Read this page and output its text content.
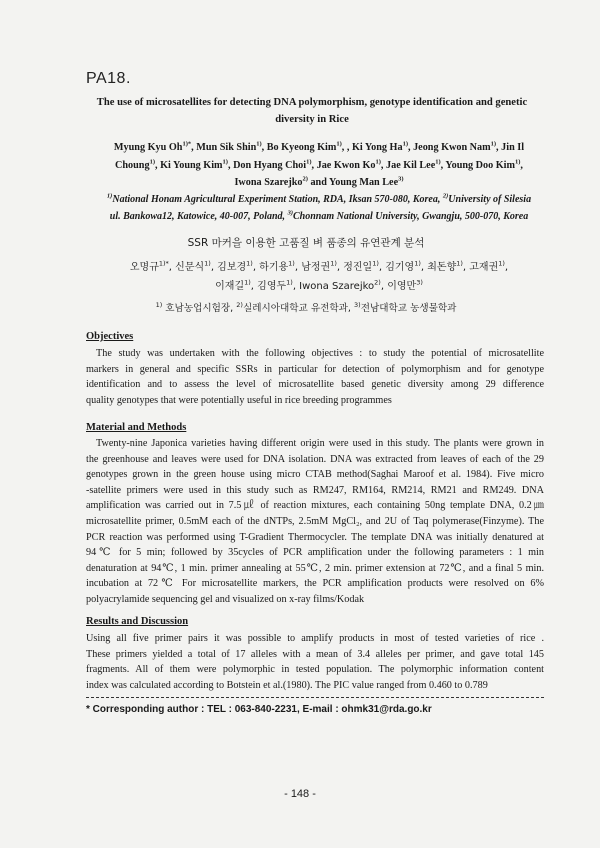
PA18.
The use of microsatellites for detecting DNA polymorphism, genotype identification and genetic
diversity in Rice
Myung Kyu $Oh^{1)*}$, Mun Sik Shin$^{1)}$, Bo Kyeong Kim$^{1)}$, , Ki Yong Ha$^{1)}$, Jeong Kwon Nam$^{1)}$, Jin Il
Choung$^{1)}$, Ki Young Kim$^{1)}$, Don Hyang Choi$^{1)}$, Jae Kwon Ko$^{1)}$, Jae Kil Lee$^{1)}$, Young Doo Kim$^{1)}$,
Iwona Szarejko$^{2)}$ and Young Man Lee$^{3)}$
$^{1)}$National Honam Agricultural Experiment Station, RDA, Iksan 570-080, Korea, $^{2)}$University of Silesia
ul. Bankowa12, Katowice, 40-007, Poland, $^{3)}$Chonnam National University, Gwangju, 500-070, Korea
SSR 마커을 이용한 고품질 벼 품종의 유연관계 분석
오명규$^{1)*}$, 신문식$^{1)}$, 김보경$^{1)}$, 하기용$^{1)}$, 남정권$^{1)}$, 정진일$^{1)}$, 김기영$^{1)}$, 최돈향$^{1)}$, 고재권$^{1)}$,
이재길$^{1)}$, 김영두$^{1)}$, Iwona Szarejko$^{2)}$, 이영만$^{3)}$
$^{1)}$ 호남농업시험장, $^{2)}$실레시아대학교 유전학과, $^{3)}$전남대학교 농생물학과
Objectives
The study was undertaken with the following objectives : to study the potential of microsatellite
markers in general and specific SSRs in particular for detection of polymorphism and for genotype
identification and to assess the level of microsatellite based genetic diversity among 29 difference
quality genotypes that were potentially useful in rice breeding programmes
Material and Methods
Twenty-nine Japonica varieties having different origin were used in this study. The plants were grown in
the greenhouse and leaves were used for DNA isolation. DNA was extracted from leaves of each of the 29
genotypes grown in the green house using micro CTAB method(Saghai Maroof et al. 1984). Five micro
-satellite primers were used in this study such as RM247, RM164, RM214, RM21 and RM249. DNA
amplification was carried out in 7.5㎕ of reaction mixtures, each containing 50ng template DNA, 0.2㎛
microsatellite primer, 0.5mM each of the dNTPs, 2.5mM MgCl₂, and 2U of Taq polymerase(Finzyme). The
PCR reaction was performed using T-Gradient Thermocycler. The template DNA was initially denatured at
94℃ for 5 min; followed by 35cycles of PCR amplification under the following parameters : 1 min
denaturation at 94℃, 1 min. primer annealing at 55℃, 2 min. primer extension at 72℃, and a final 5 min.
incubation at 72℃ For microsatellite markers, the PCR amplification products were resolved on 6%
polyacrylamide sequencing gel and visualized on x-ray films/Kodak
Results and Discussion
Using all five primer pairs it was possible to amplify products in most of tested varieties of rice .
These primers yielded a total of 17 alleles with a mean of 3.4 alleles per primer, and gave total 145
fragments. All of them were polymorphic in tested population. The polymorphic information content
index was calculated according to Botstein et al.(1980). The PIC value ranged from 0.460 to 0.789
* Corresponding author : TEL : 063-840-2231, E-mail : ohmk31@rda.go.kr
- 148 -
